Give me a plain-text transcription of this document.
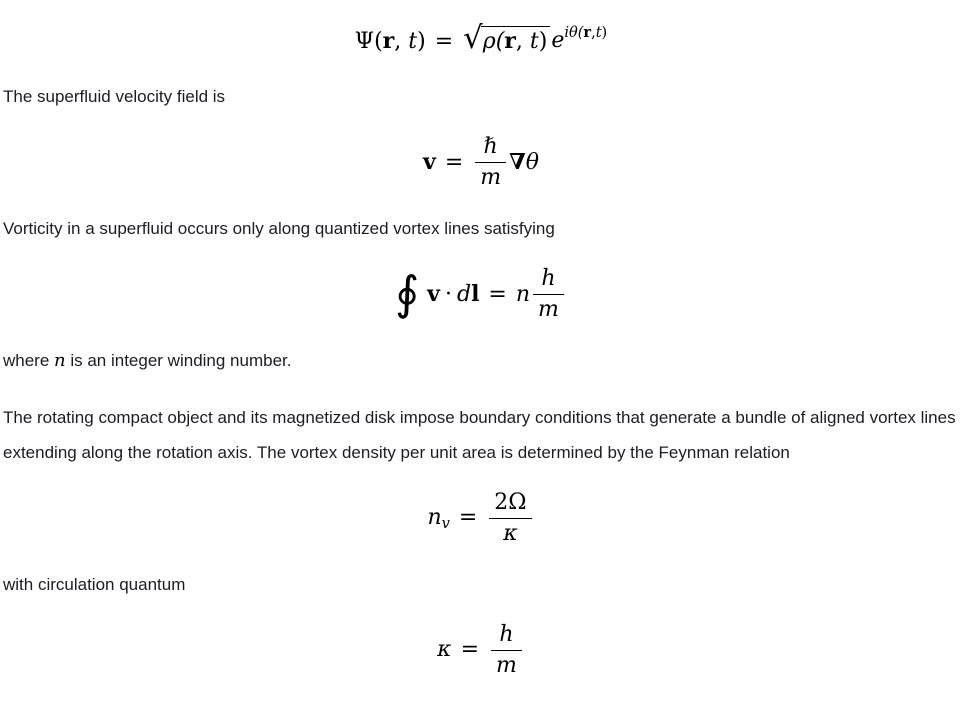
Ψ(r, t) = √ ρ(r, t) $e^{i\theta(r,t)}$

The superfluid velocity field is

$v = \frac{\text{ℏ}}{m} \nabla\theta$

Vorticity in a superfluid occurs only along quantized vortex lines satisfying

∮ v · dl = n $\frac{h}{m}$

where n is an integer winding number.

The rotating compact object and its magnetized disk impose boundary conditions that generate a bundle of aligned vortex lines extending along the rotation axis. The vortex density per unit area is determined by the Feynman relation

nv = $\frac{2\Omega}{\kappa}$

with circulation quantum

$\kappa = \frac{h}{m}$
